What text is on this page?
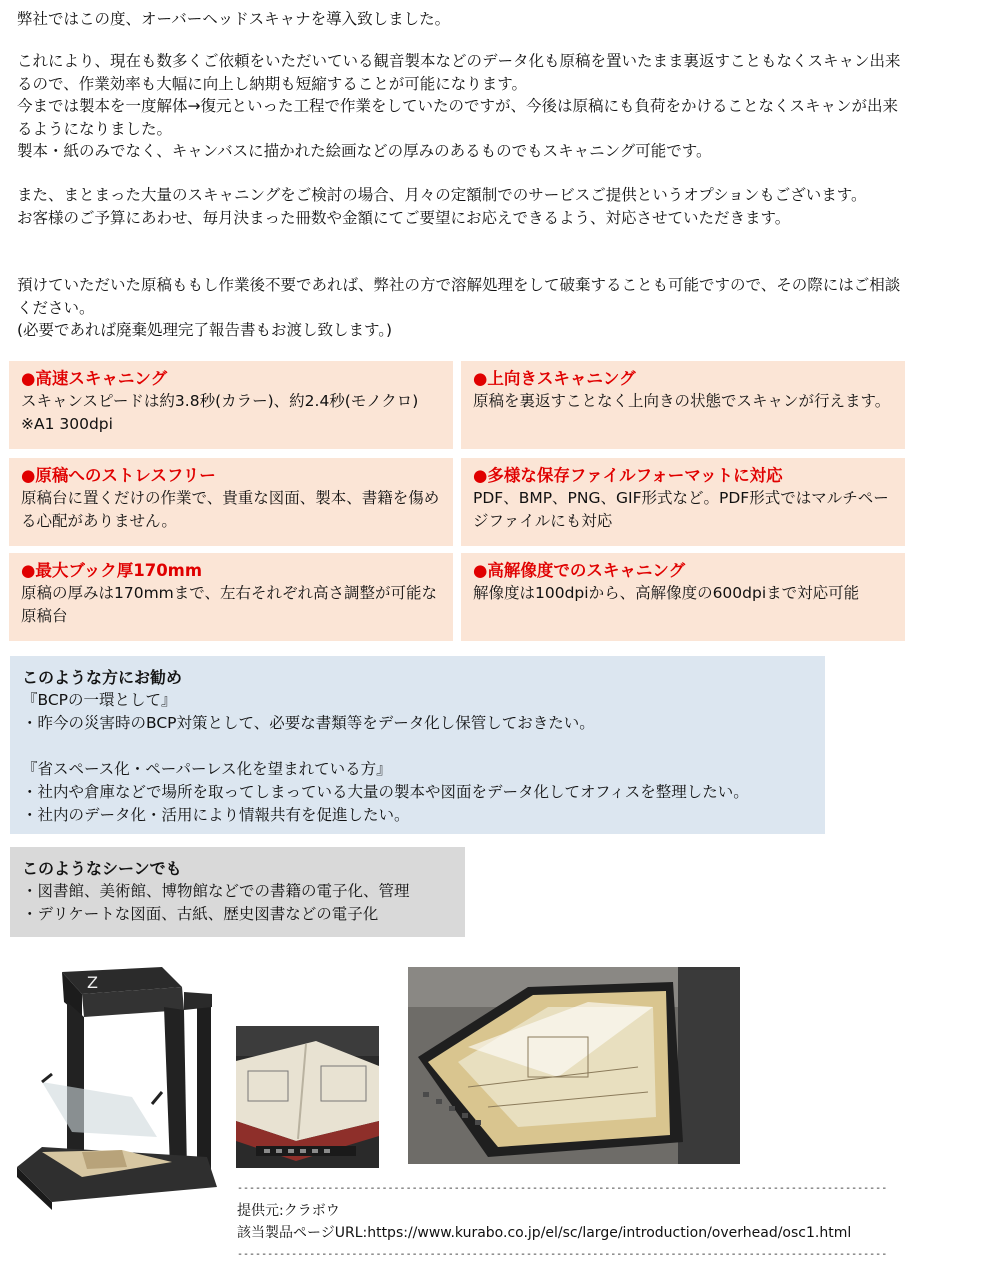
弊社ではこの度、オーバーヘッドスキャナを導入致しました。

これにより、現在も数多くご依頼をいただいている観音製本などのデータ化も原稿を置いたまま裏返すこともなくスキャン出来るので、作業効率も大幅に向上し納期も短縮することが可能になります。

今までは製本を一度解体→復元といった工程で作業をしていたのですが、今後は原稿にも負荷をかけることなくスキャンが出来るようになりました。

製本・紙のみでなく、キャンバスに描かれた絵画などの厚みのあるものでもスキャニング可能です。

また、まとまった大量のスキャニングをご検討の場合、月々の定額制でのサービスご提供というオプションもございます。

お客様のご予算にあわせ、毎月決まった冊数や金額にてご要望にお応えできるよう、対応させていただきます。

預けていただいた原稿ももし作業後不要であれば、弊社の方で溶解処理をして破棄することも可能ですので、その際にはご相談ください。

(必要であれば廃棄処理完了報告書もお渡し致します。)

●高速スキャニング
スキャンスピードは約3.8秒(カラー)、約2.4秒(モノクロ)
※A1 300dpi
●上向きスキャニング
原稿を裏返すことなく上向きの状態でスキャンが行えます。
●原稿へのストレスフリー
原稿台に置くだけの作業で、貴重な図面、製本、書籍を傷める心配がありません。
●多様な保存ファイルフォーマットに対応
PDF、BMP、PNG、GIF形式など。PDF形式ではマルチページファイルにも対応
●最大ブック厚170mm
原稿の厚みは170mmまで、左右それぞれ高さ調整が可能な原稿台
●高解像度でのスキャニング
解像度は100dpiから、高解像度の600dpiまで対応可能
このような方にお勧め
『BCPの一環として』
・昨今の災害時のBCP対策として、必要な書類等をデータ化し保管しておきたい。
『省スペース化・ペーパーレス化を望まれている方』
・社内や倉庫などで場所を取ってしまっている大量の製本や図面をデータ化してオフィスを整理したい。
・社内のデータ化・活用により情報共有を促進したい。
このようなシーンでも
・図書館、美術館、博物館などでの書籍の電子化、管理
・デリケートな図面、古紙、歴史図書などの電子化
Z
------------------------------------------------------------------------------------------------------------
提供元:クラボウ
該当製品ページURL:https://www.kurabo.co.jp/el/sc/large/introduction/overhead/osc1.html
------------------------------------------------------------------------------------------------------------
